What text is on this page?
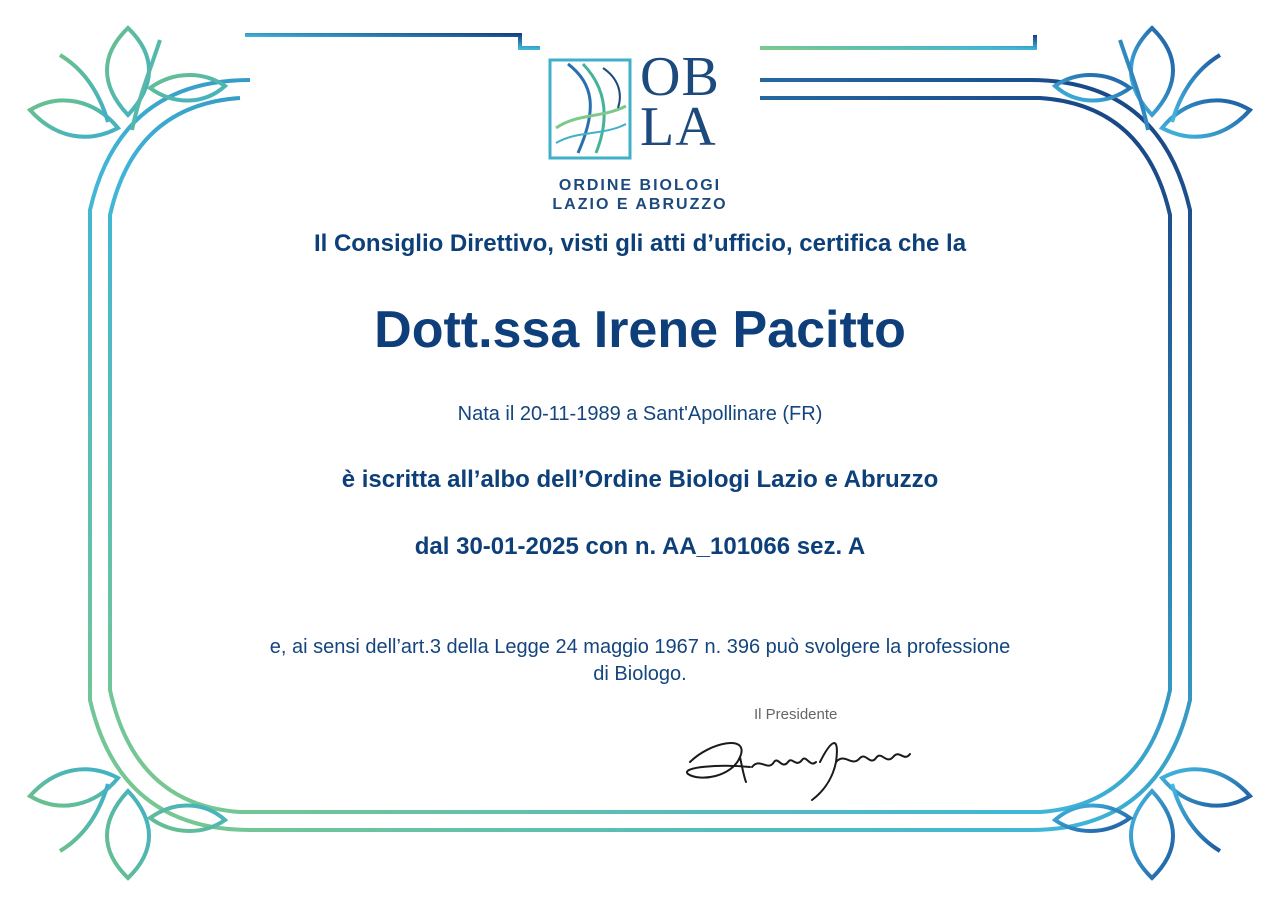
OB
LA
ORDINE BIOLOGI
LAZIO E ABRUZZO
Il Consiglio Direttivo, visti gli atti d’ufficio, certifica che la
Dott.ssa Irene Pacitto
Nata il 20-11-1989 a Sant'Apollinare (FR)
è iscritta all’albo dell’Ordine Biologi Lazio e Abruzzo
dal 30-01-2025 con n. AA_101066 sez. A
e, ai sensi dell’art.3 della Legge 24 maggio 1967 n. 396 può svolgere la professione di Biologo.
Il Presidente
